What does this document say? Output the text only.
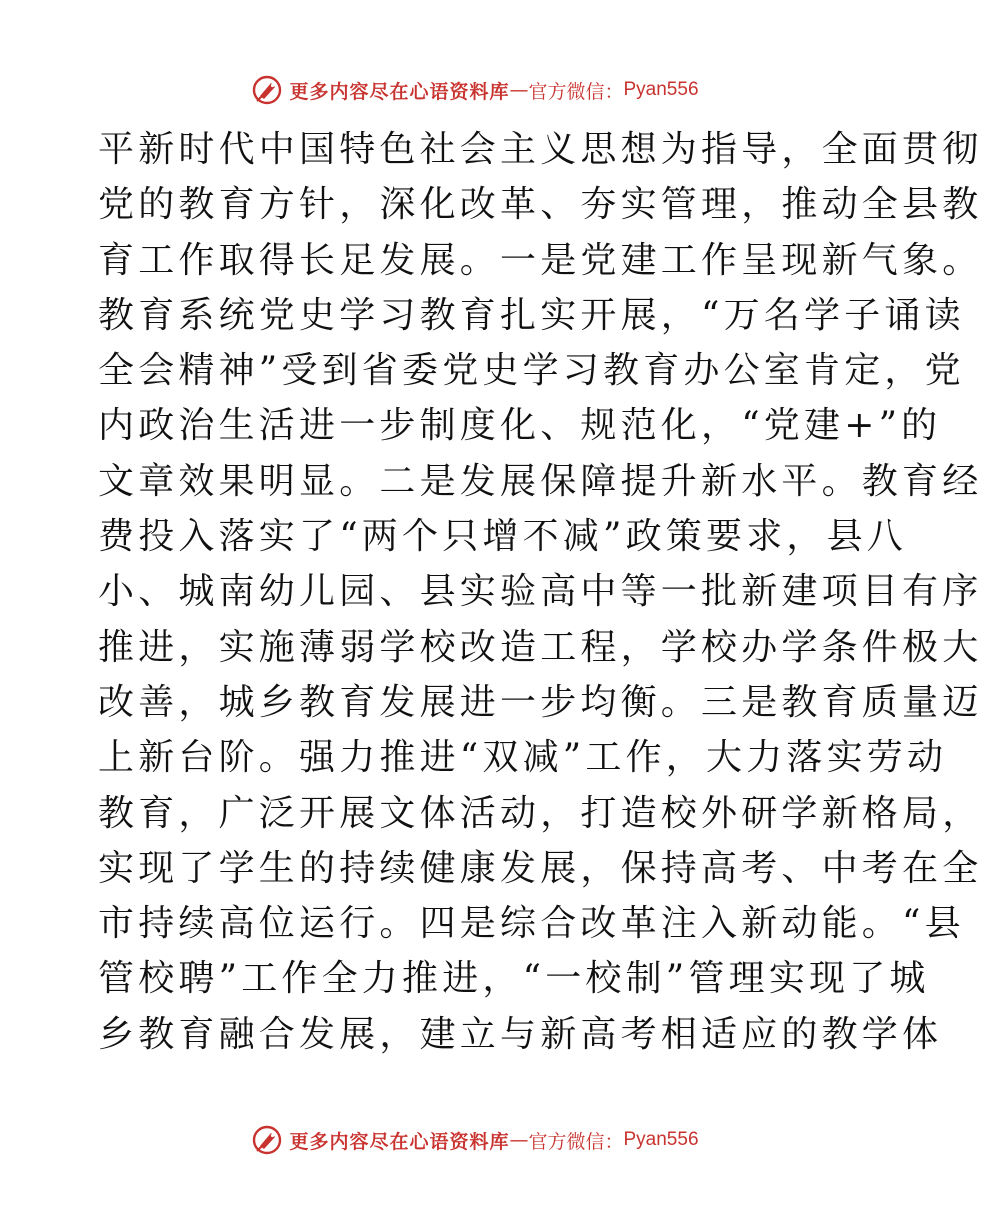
更多内容尽在心语资料库 — 官方微信： Pyan556
平新时代中国特色社会主义思想为指导，全面贯彻
党的教育方针，深化改革、夯实管理，推动全县教
育工作取得长足发展。一是党建工作呈现新气象。
教育系统党史学习教育扎实开展，“万名学子诵读
全会精神”受到省委党史学习教育办公室肯定，党
内政治生活进一步制度化、规范化，“党建+”的
文章效果明显。二是发展保障提升新水平。教育经
费投入落实了“两个只增不减”政策要求，县八
小、城南幼儿园、县实验高中等一批新建项目有序
推进，实施薄弱学校改造工程，学校办学条件极大
改善，城乡教育发展进一步均衡。三是教育质量迈
上新台阶。强力推进“双减”工作，大力落实劳动
教育，广泛开展文体活动，打造校外研学新格局，
实现了学生的持续健康发展，保持高考、中考在全
市持续高位运行。四是综合改革注入新动能。“县
管校聘”工作全力推进，“一校制”管理实现了城
乡教育融合发展，建立与新高考相适应的教学体
更多内容尽在心语资料库 — 官方微信： Pyan556
